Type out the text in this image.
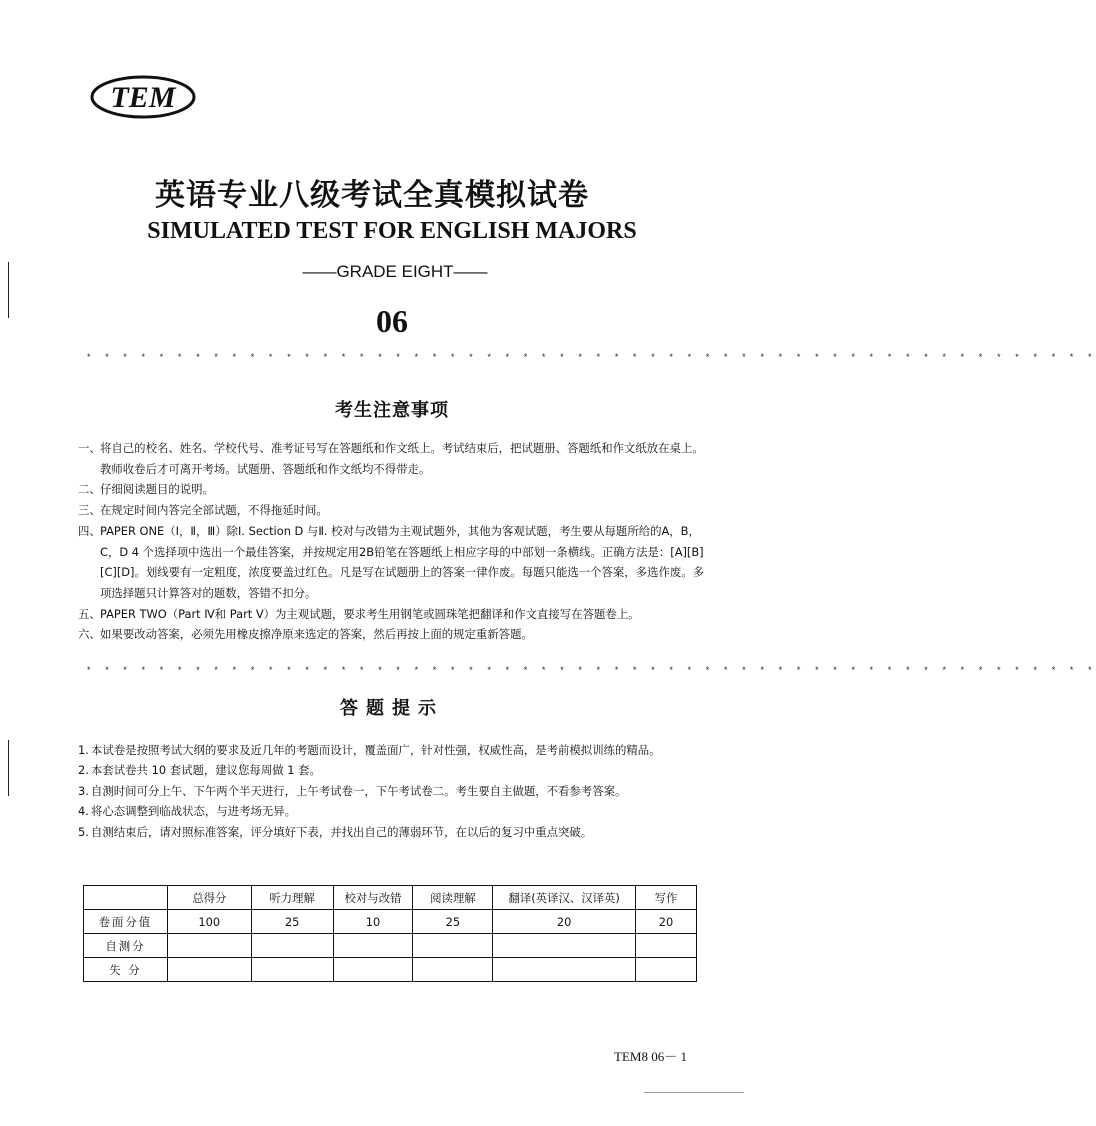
TEM
英语专业八级考试全真模拟试卷
SIMULATED TEST FOR ENGLISH MAJORS
——GRADE EIGHT——
06
* * * * * * * * * * * * * * * * * * * * * * * * * * * * * * * * * * * * * * * * * * * * * * * * * * * * * * * *
考生注意事项
一、 将自己的校名、姓名、学校代号、准考证号写在答题纸和作文纸上。考试结束后，把试题册、答题纸和作文纸放在桌上。教师收卷后才可离开考场。试题册、答题纸和作文纸均不得带走。
二、 仔细阅读题目的说明。
三、 在规定时间内答完全部试题，不得拖延时间。
四、 PAPER ONE（Ⅰ，Ⅱ，Ⅲ）除Ⅰ. Section D 与Ⅱ. 校对与改错为主观试题外，其他为客观试题，考生要从每题所给的A，B，C，D 4 个选择项中选出一个最佳答案，并按规定用2B铅笔在答题纸上相应字母的中部划一条横线。正确方法是：[A][B][C][D]。划线要有一定粗度，浓度要盖过红色。凡是写在试题册上的答案一律作废。每题只能选一个答案，多选作废。多项选择题只计算答对的题数，答错不扣分。
五、 PAPER TWO（Part Ⅳ和 Part Ⅴ）为主观试题，要求考生用钢笔或圆珠笔把翻译和作文直接写在答题卷上。
六、 如果要改动答案，必须先用橡皮擦净原来选定的答案，然后再按上面的规定重新答题。
* * * * * * * * * * * * * * * * * * * * * * * * * * * * * * * * * * * * * * * * * * * * * * * * * * * * * * * *
答题提示
1. 本试卷是按照考试大纲的要求及近几年的考题而设计，覆盖面广，针对性强，权威性高，是考前模拟训练的精品。
2. 本套试卷共 10 套试题，建议您每周做 1 套。
3. 自测时间可分上午、下午两个半天进行，上午考试卷一，下午考试卷二。考生要自主做题，不看参考答案。
4. 将心态调整到临战状态，与进考场无异。
5. 自测结束后，请对照标准答案，评分填好下表，并找出自己的薄弱环节，在以后的复习中重点突破。
	总得分	听力理解	校对与改错	阅读理解	翻译(英译汉、汉译英)	写作
卷面分值	100	25	10	25	20	20
自测分						
失 分						
TEM8 06－ 1
